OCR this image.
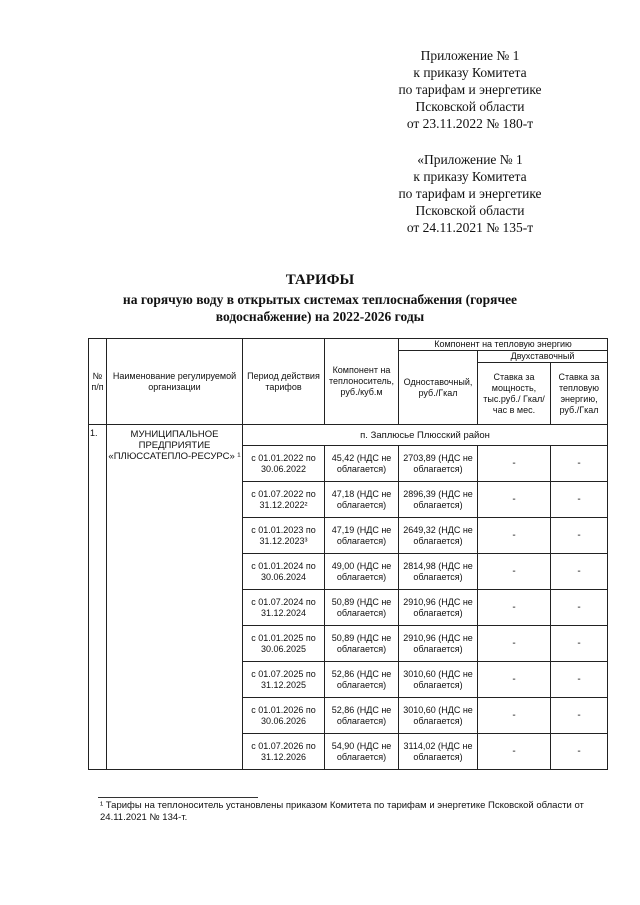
Приложение № 1
к приказу Комитета
по тарифам и энергетике
Псковской области
от 23.11.2022 № 180-т
«Приложение № 1
к приказу Комитета
по тарифам и энергетике
Псковской области
от 24.11.2021 № 135-т
ТАРИФЫ
на горячую воду в открытых системах теплоснабжения (горячее водоснабжение) на 2022-2026 годы
№ п/п	Наименование регулируемой организации	Период действия тарифов	Компонент на теплоноситель, руб./куб.м	Компонент на тепловую энергию		
				Одноставочный, руб./Гкал	Двухставочный	
					Ставка за мощность, тыс.руб./ Гкал/час в мес.	Ставка за тепловую энергию, руб./Гкал
1.	МУНИЦИПАЛЬНОЕ ПРЕДПРИЯТИЕ «ПЛЮССАТЕПЛО-РЕСУРС» ¹	п. Заплюсье Плюсский район				
		с 01.01.2022 по 30.06.2022	45,42 (НДС не облагается)	2703,89 (НДС не облагается)	-	-
		с 01.07.2022 по 31.12.2022²	47,18 (НДС не облагается)	2896,39 (НДС не облагается)	-	-
		с 01.01.2023 по 31.12.2023³	47,19 (НДС не облагается)	2649,32 (НДС не облагается)	-	-
		с 01.01.2024 по 30.06.2024	49,00 (НДС не облагается)	2814,98 (НДС не облагается)	-	-
		с 01.07.2024 по 31.12.2024	50,89 (НДС не облагается)	2910,96 (НДС не облагается)	-	-
		с 01.01.2025 по 30.06.2025	50,89 (НДС не облагается)	2910,96 (НДС не облагается)	-	-
		с 01.07.2025 по 31.12.2025	52,86 (НДС не облагается)	3010,60 (НДС не облагается)	-	-
		с 01.01.2026 по 30.06.2026	52,86 (НДС не облагается)	3010,60 (НДС не облагается)	-	-
		с 01.07.2026 по 31.12.2026	54,90 (НДС не облагается)	3114,02 (НДС не облагается)	-	-
¹ Тарифы на теплоноситель установлены приказом Комитета по тарифам и энергетике Псковской области от 24.11.2021 № 134-т.
